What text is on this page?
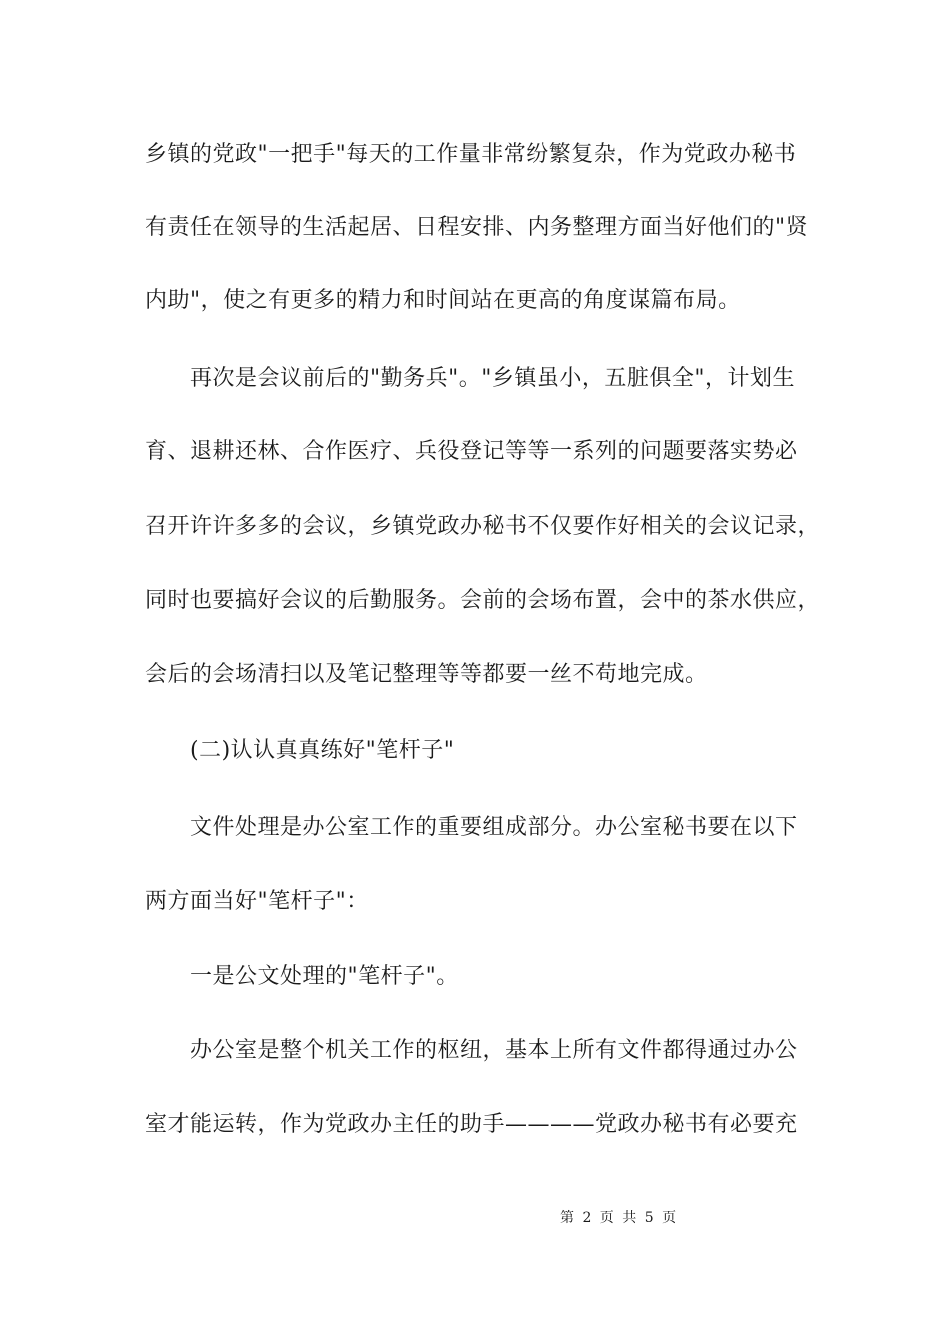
乡镇的党政"一把手"每天的工作量非常纷繁复杂，作为党政办秘书
有责任在领导的生活起居、日程安排、内务整理方面当好他们的"贤
内助"，使之有更多的精力和时间站在更高的角度谋篇布局。
再次是会议前后的"勤务兵"。"乡镇虽小，五脏俱全"，计划生
育、退耕还林、合作医疗、兵役登记等等一系列的问题要落实势必
召开许许多多的会议，乡镇党政办秘书不仅要作好相关的会议记录，
同时也要搞好会议的后勤服务。会前的会场布置，会中的茶水供应，
会后的会场清扫以及笔记整理等等都要一丝不苟地完成。
(二)认认真真练好"笔杆子"
文件处理是办公室工作的重要组成部分。办公室秘书要在以下
两方面当好"笔杆子"：
一是公文处理的"笔杆子"。
办公室是整个机关工作的枢纽，基本上所有文件都得通过办公
室才能运转，作为党政办主任的助手————党政办秘书有必要充
第 2 页 共 5 页
